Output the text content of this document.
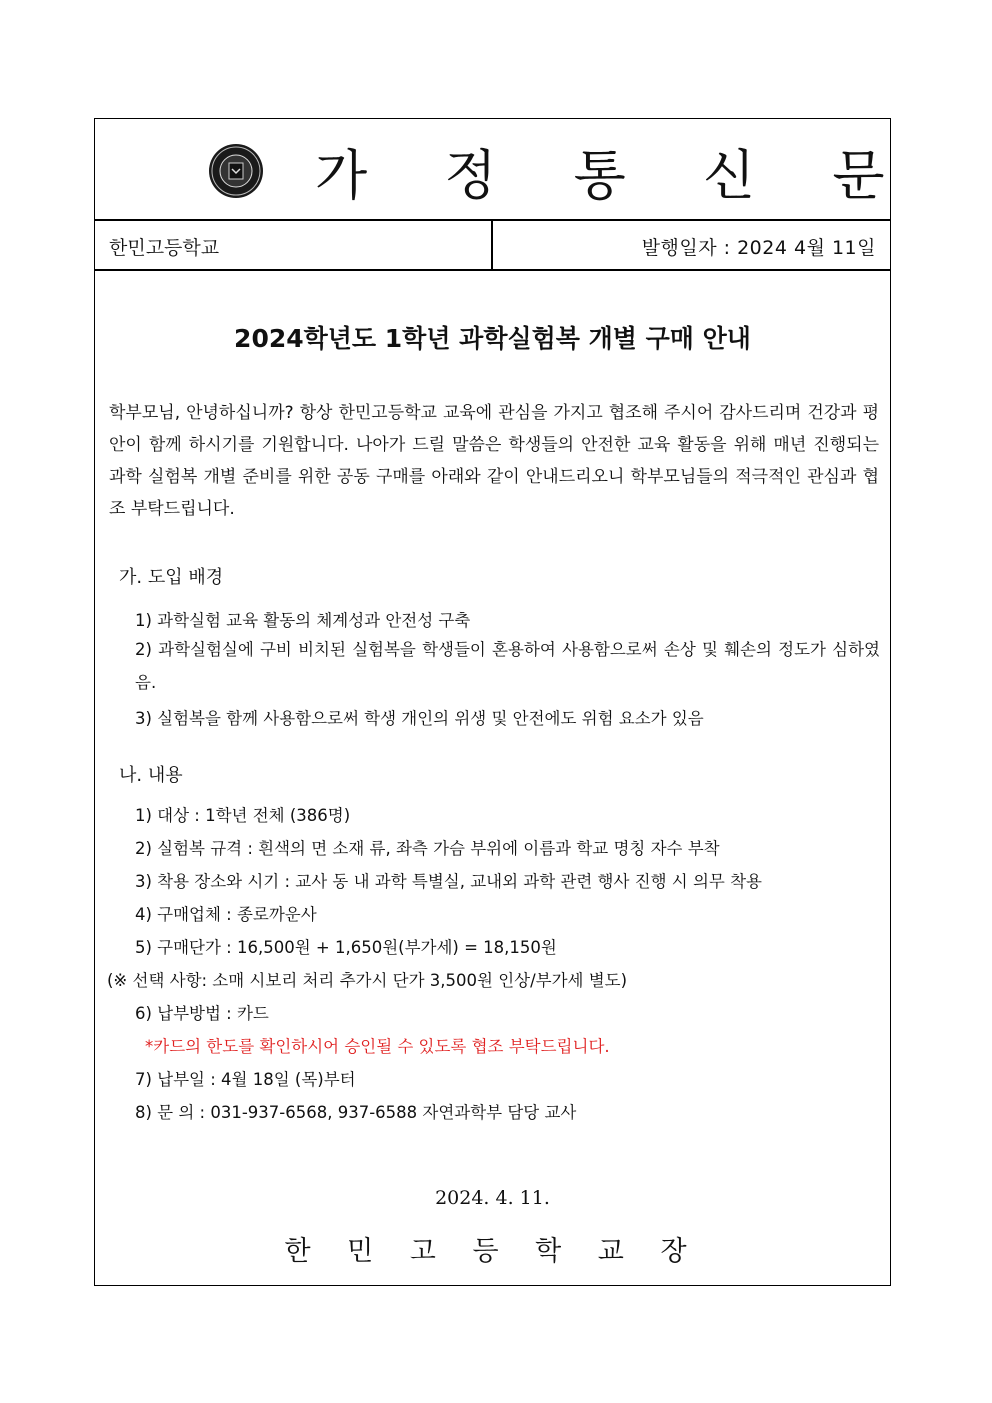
가 정 통 신 문
한민고등학교	발행일자 : 2024 4월 11일
2024학년도 1학년 과학실험복 개별 구매 안내
학부모님, 안녕하십니까? 항상 한민고등학교 교육에 관심을 가지고 협조해 주시어 감사드리며 건강과 평안이 함께 하시기를 기원합니다. 나아가 드릴 말씀은 학생들의 안전한 교육 활동을 위해 매년 진행되는 과학 실험복 개별 준비를 위한 공동 구매를 아래와 같이 안내드리오니 학부모님들의 적극적인 관심과 협조 부탁드립니다.
가. 도입 배경
1) 과학실험 교육 활동의 체계성과 안전성 구축
2) 과학실험실에 구비 비치된 실험복을 학생들이 혼용하여 사용함으로써 손상 및 훼손의 정도가 심하였음.
3) 실험복을 함께 사용함으로써 학생 개인의 위생 및 안전에도 위험 요소가 있음
나. 내용
1) 대상 : 1학년 전체 (386명)
2) 실험복 규격 : 흰색의 면 소재 류, 좌측 가슴 부위에 이름과 학교 명칭 자수 부착
3) 착용 장소와 시기 : 교사 동 내 과학 특별실, 교내외 과학 관련 행사 진행 시 의무 착용
4) 구매업체 : 종로까운사
5) 구매단가 : 16,500원 + 1,650원(부가세) = 18,150원
(※ 선택 사항: 소매 시보리 처리 추가시 단가 3,500원 인상/부가세 별도)
6) 납부방법 : 카드
*카드의 한도를 확인하시어 승인될 수 있도록 협조 부탁드립니다.
7) 납부일 : 4월 18일 (목)부터
8) 문 의 : 031-937-6568, 937-6588 자연과학부 담당 교사
2024. 4. 11.
한 민 고 등 학 교 장
